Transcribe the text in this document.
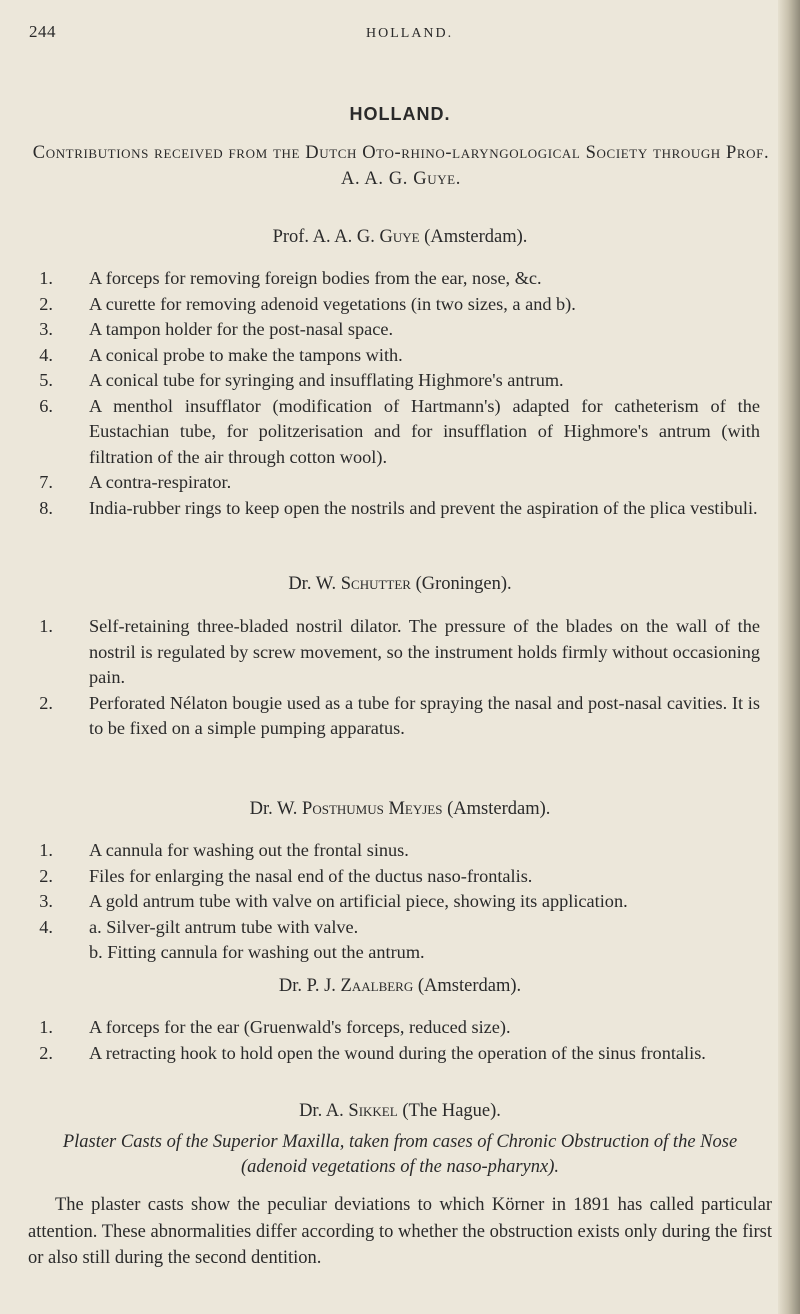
244	HOLLAND.
HOLLAND.
Contributions received from the Dutch Oto-rhino-laryngological Society through Prof. A. A. G. Guye.
Prof. A. A. G. Guye (Amsterdam).
1. A forceps for removing foreign bodies from the ear, nose, &c.
2. A curette for removing adenoid vegetations (in two sizes, a and b).
3. A tampon holder for the post-nasal space.
4. A conical probe to make the tampons with.
5. A conical tube for syringing and insufflating Highmore's antrum.
6. A menthol insufflator (modification of Hartmann's) adapted for catheterism of the Eustachian tube, for politzerisation and for insufflation of Highmore's antrum (with filtration of the air through cotton wool).
7. A contra-respirator.
8. India-rubber rings to keep open the nostrils and prevent the aspiration of the plica vestibuli.
Dr. W. Schutter (Groningen).
1. Self-retaining three-bladed nostril dilator. The pressure of the blades on the wall of the nostril is regulated by screw movement, so the instrument holds firmly without occasioning pain.
2. Perforated Nélaton bougie used as a tube for spraying the nasal and post-nasal cavities. It is to be fixed on a simple pumping apparatus.
Dr. W. Posthumus Meyjes (Amsterdam).
1. A cannula for washing out the frontal sinus.
2. Files for enlarging the nasal end of the ductus naso-frontalis.
3. A gold antrum tube with valve on artificial piece, showing its application.
4. a. Silver-gilt antrum tube with valve.
b. Fitting cannula for washing out the antrum.
Dr. P. J. Zaalberg (Amsterdam).
1. A forceps for the ear (Gruenwald's forceps, reduced size).
2. A retracting hook to hold open the wound during the operation of the sinus frontalis.
Dr. A. Sikkel (The Hague).
Plaster Casts of the Superior Maxilla, taken from cases of Chronic Obstruction of the Nose (adenoid vegetations of the naso-pharynx).
The plaster casts show the peculiar deviations to which Körner in 1891 has called particular attention. These abnormalities differ according to whether the obstruction exists only during the first or also still during the second dentition.
